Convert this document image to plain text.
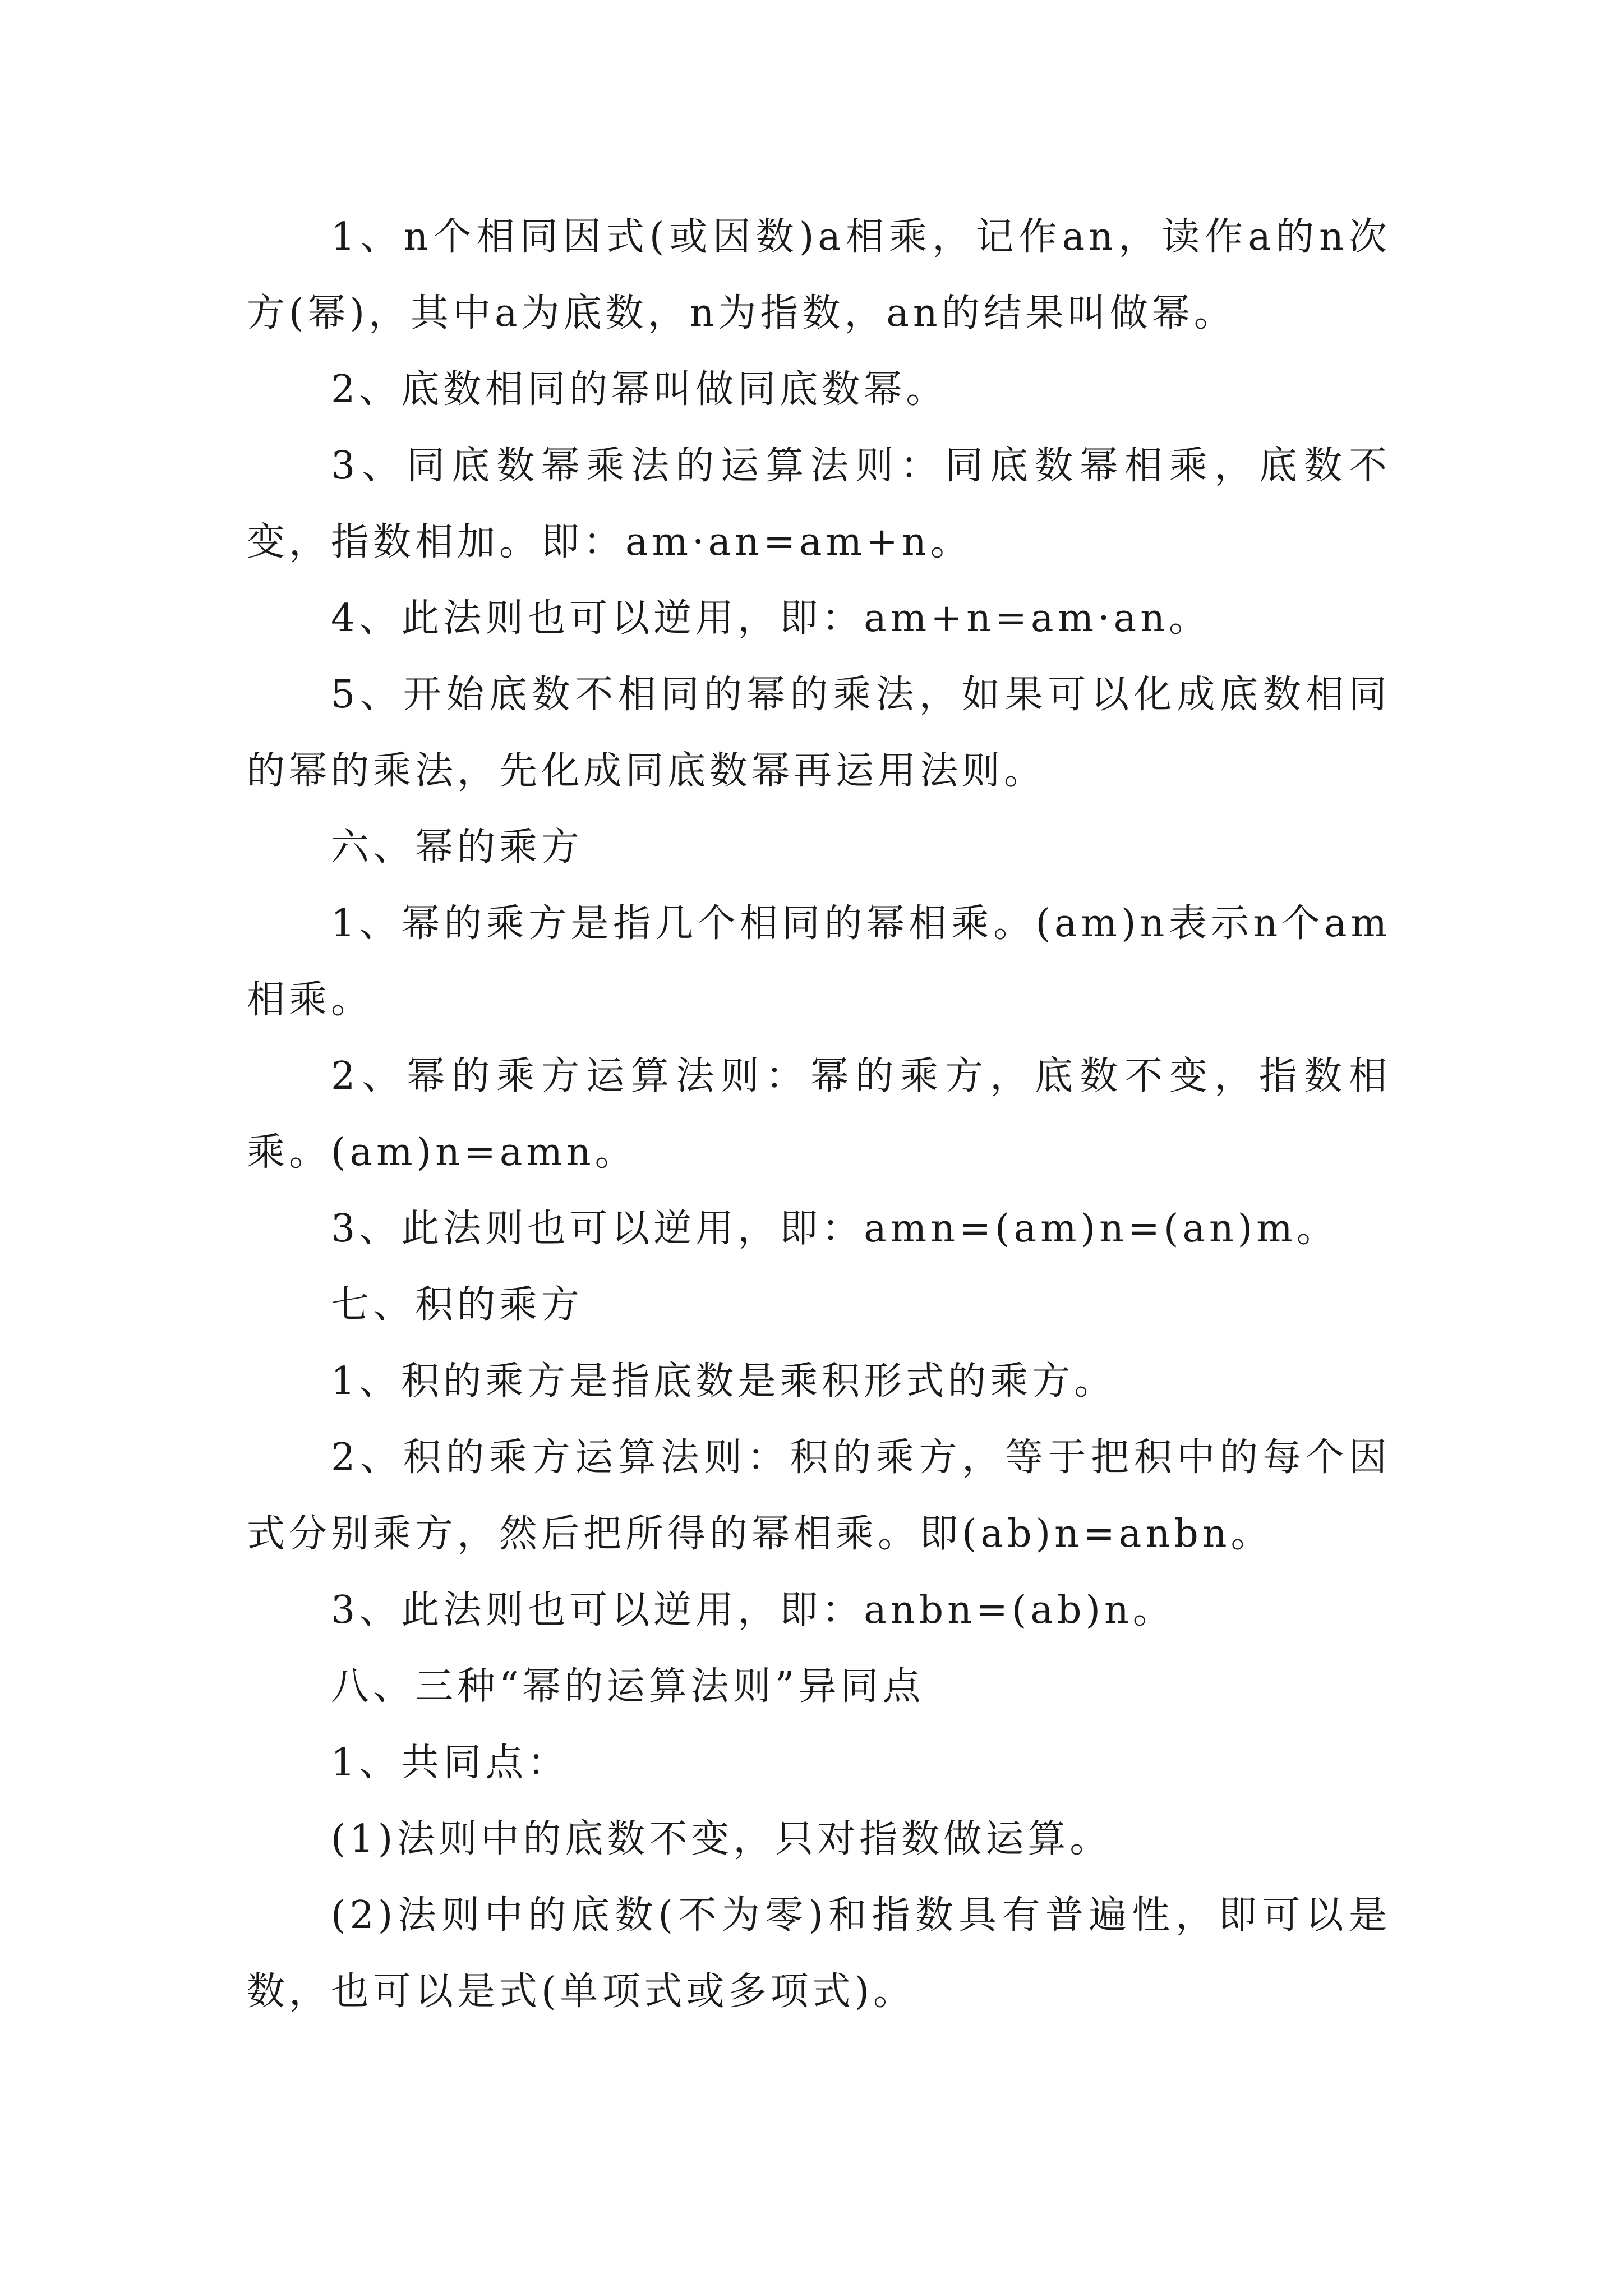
1、n个相同因式(或因数)a相乘，记作an，读作a的n次方(幂)，其中a为底数，n为指数，an的结果叫做幂。

2、底数相同的幂叫做同底数幂。

3、同底数幂乘法的运算法则：同底数幂相乘，底数不变，指数相加。即：am·an=am+n。

4、此法则也可以逆用，即：am+n=am·an。

5、开始底数不相同的幂的乘法，如果可以化成底数相同的幂的乘法，先化成同底数幂再运用法则。

六、幂的乘方

1、幂的乘方是指几个相同的幂相乘。(am)n表示n个am相乘。

2、幂的乘方运算法则：幂的乘方，底数不变，指数相乘。(am)n=amn。

3、此法则也可以逆用，即：amn=(am)n=(an)m。

七、积的乘方

1、积的乘方是指底数是乘积形式的乘方。

2、积的乘方运算法则：积的乘方，等于把积中的每个因式分别乘方，然后把所得的幂相乘。即(ab)n=anbn。

3、此法则也可以逆用，即：anbn=(ab)n。

八、三种“幂的运算法则”异同点

1、共同点：

(1)法则中的底数不变，只对指数做运算。

(2)法则中的底数(不为零)和指数具有普遍性，即可以是数，也可以是式(单项式或多项式)。
